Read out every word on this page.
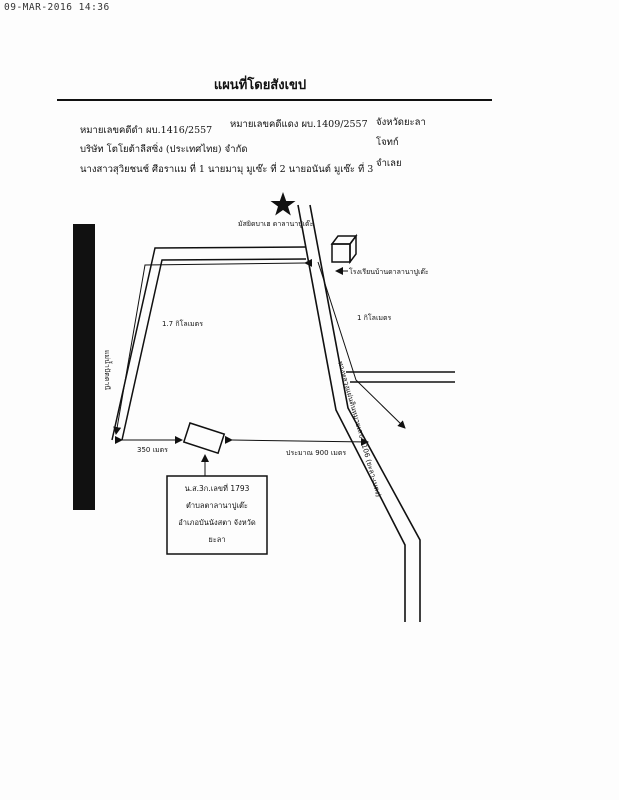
09-MAR-2016 14:36
แผนที่โดยสังเขป
หมายเลขคดีดำ ผบ.1416/2557
หมายเลขคดีแดง ผบ.1409/2557 จังหวัดยะลา
บริษัท โตโยต้าลีสซิ่ง (ประเทศไทย) จำกัด
โจทก์
นางสาวสุวิยชนช์ ศีอราแม ที่ 1 นายมามุ มูเซ๊ะ ที่ 2 นายอนันต์ มูเซ๊ะ ที่ 3
จำเลย
แม่น้ำปัตตานี	ทางหลวงแผ่นดินหมายเลข 4106 (ยะลา-เบตง)
มัสยิดบาเฮ ดาลานาปูเต๊ะ
โรงเรียนบ้านดาลานาปูเต๊ะ
1 กิโลเมตร
1.7 กิโลเมตร
350 เมตร	ประมาณ 900 เมตร
น.ส.3ก.เลขที่ 1793
ตำบลตาลานาปูเต๊ะ
อำเภอบันนังสตา จังหวัด
ยะลา
